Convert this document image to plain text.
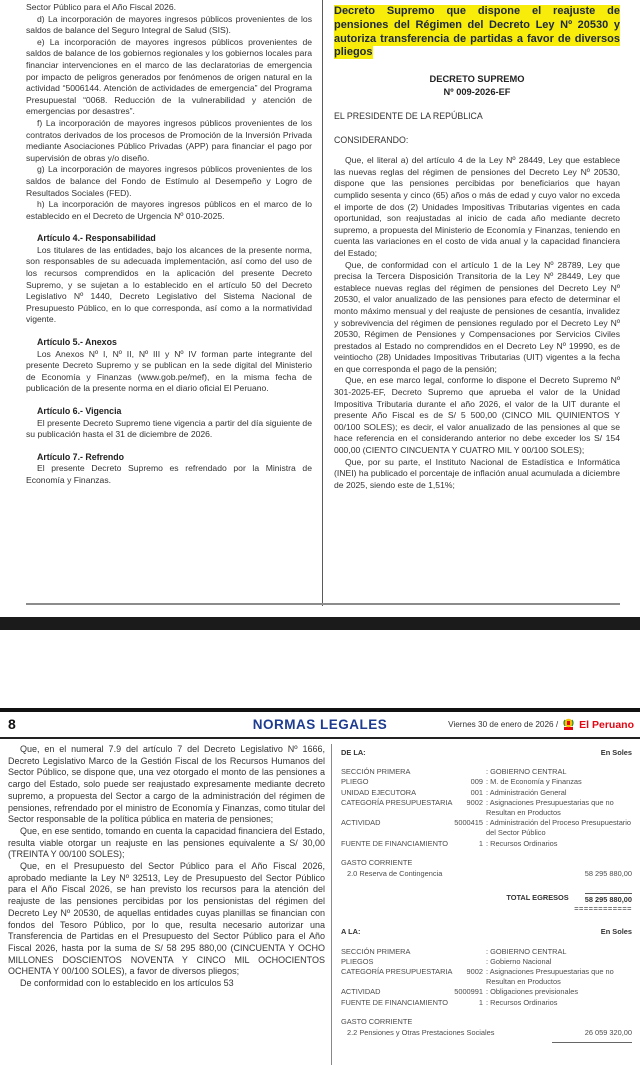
Sector Público para el Año Fiscal 2026.

d) La incorporación de mayores ingresos públicos provenientes de los saldos de balance del Seguro Integral de Salud (SIS).

e) La incorporación de mayores ingresos públicos provenientes de saldos de balance de los gobiernos regionales y los gobiernos locales para financiar intervenciones en el marco de las declaratorias de emergencia por impacto de peligros generados por fenómenos de origen natural en la actividad “5006144. Atención de actividades de emergencia” del Programa Presupuestal “0068. Reducción de la vulnerabilidad y atención de emergencias por desastres”.

f) La incorporación de mayores ingresos públicos provenientes de los contratos derivados de los procesos de Promoción de la Inversión Privada mediante Asociaciones Público Privadas (APP) para financiar el pago por supervisión de obras y/o diseño.

g) La incorporación de mayores ingresos públicos provenientes de los saldos de balance del Fondo de Estímulo al Desempeño y Logro de Resultados Sociales (FED).

h) La incorporación de mayores ingresos públicos en el marco de lo establecido en el Decreto de Urgencia Nº 010-2025.

Artículo 4.- Responsabilidad

Los titulares de las entidades, bajo los alcances de la presente norma, son responsables de su adecuada implementación, así como del uso de los recursos comprendidos en la aplicación del presente Decreto Supremo, y se sujetan a lo establecido en el artículo 50 del Decreto Legislativo Nº 1440, Decreto Legislativo del Sistema Nacional de Presupuesto Público, en lo que corresponda, así como a la normatividad vigente.

Artículo 5.- Anexos

Los Anexos Nº I, Nº II, Nº III y Nº IV forman parte integrante del presente Decreto Supremo y se publican en la sede digital del Ministerio de Economía y Finanzas (www.gob.pe/mef), en la misma fecha de publicación de la presente norma en el diario oficial El Peruano.

Artículo 6.- Vigencia

El presente Decreto Supremo tiene vigencia a partir del día siguiente de su publicación hasta el 31 de diciembre de 2026.

Artículo 7.- Refrendo

El presente Decreto Supremo es refrendado por la Ministra de Economía y Finanzas.

Decreto Supremo que dispone el reajuste de pensiones del Régimen del Decreto Ley Nº 20530 y autoriza transferencia de partidas a favor de diversos pliegos
DECRETO SUPREMO
Nº 009-2026-EF
EL PRESIDENTE DE LA REPÚBLICA
CONSIDERANDO:

Que, el literal a) del artículo 4 de la Ley Nº 28449, Ley que establece las nuevas reglas del régimen de pensiones del Decreto Ley Nº 20530, dispone que las pensiones percibidas por beneficiarios que hayan cumplido sesenta y cinco (65) años o más de edad y cuyo valor no exceda el importe de dos (2) Unidades Impositivas Tributarias vigentes en cada oportunidad, son reajustadas al inicio de cada año mediante decreto supremo, a propuesta del Ministerio de Economía y Finanzas, teniendo en cuenta las variaciones en el costo de vida anual y la capacidad financiera del Estado;

Que, de conformidad con el artículo 1 de la Ley Nº 28789, Ley que precisa la Tercera Disposición Transitoria de la Ley Nº 28449, Ley que establece nuevas reglas del régimen de pensiones del Decreto Ley Nº 20530, el valor anualizado de las pensiones para efecto de determinar el monto máximo mensual y del reajuste de pensiones de cesantía, invalidez y sobrevivencia del régimen de pensiones regulado por el Decreto Ley Nº 20530, Régimen de Pensiones y Compensaciones por Servicios Civiles prestados al Estado no comprendidos en el Decreto Ley Nº 19990, es de veintiocho (28) Unidades Impositivas Tributarias (UIT) vigentes a la fecha en que corresponda el pago de la pensión;

Que, en ese marco legal, conforme lo dispone el Decreto Supremo Nº 301-2025-EF, Decreto Supremo que aprueba el valor de la Unidad Impositiva Tributaria durante el año 2026, el valor de la UIT durante el presente Año Fiscal es de S/ 5 500,00 (CINCO MIL QUINIENTOS Y 00/100 SOLES); es decir, el valor anualizado de las pensiones al que se hace referencia en el considerando anterior no debe exceder los S/ 154 000,00 (CIENTO CINCUENTA Y CUATRO MIL Y 00/100 SOLES);

Que, por su parte, el Instituto Nacional de Estadística e Informática (INEI) ha publicado el porcentaje de inflación anual acumulada a diciembre de 2025, siendo este de 1,51%;

8	NORMAS LEGALES	Viernes 30 de enero de 2026 / El Peruano

Que, en el numeral 7.9 del artículo 7 del Decreto Legislativo Nº 1666, Decreto Legislativo Marco de la Gestión Fiscal de los Recursos Humanos del Sector Público, se dispone que, una vez otorgado el monto de las pensiones a cargo del Estado, solo puede ser reajustado expresamente mediante decreto supremo, a propuesta del Sector a cargo de la administración del régimen de pensiones, refrendado por el ministro de Economía y Finanzas, como titular del Sector responsable de la política pública en materia de pensiones;

Que, en ese sentido, tomando en cuenta la capacidad financiera del Estado, resulta viable otorgar un reajuste en las pensiones equivalente a S/ 30,00 (TREINTA Y 00/100 SOLES);

Que, en el Presupuesto del Sector Público para el Año Fiscal 2026, aprobado mediante la Ley Nº 32513, Ley de Presupuesto del Sector Público para el Año Fiscal 2026, se han previsto los recursos para la atención del reajuste de las pensiones percibidas por los pensionistas del régimen del Decreto Ley Nº 20530, de aquellas entidades cuyas planillas se financian con fondos del Tesoro Público, por lo que, resulta necesario autorizar una Transferencia de Partidas en el Presupuesto del Sector Público para el Año Fiscal 2026, hasta por la suma de S/ 58 295 880,00 (CINCUENTA Y OCHO MILLONES DOSCIENTOS NOVENTA Y CINCO MIL OCHOCIENTOS OCHENTA Y 00/100 SOLES), a favor de diversos pliegos;

De conformidad con lo establecido en los artículos 53

DE LA:	En Soles
SECCIÓN PRIMERA	: GOBIERNO CENTRAL
PLIEGO	009 : M. de Economía y Finanzas
UNIDAD EJECUTORA	001 : Administración General
CATEGORÍA PRESUPUESTARIA	9002 : Asignaciones Presupuestarias que no Resultan en Productos
ACTIVIDAD	5000415 : Administración del Proceso Presupuestario del Sector Público
FUENTE DE FINANCIAMIENTO	1 : Recursos Ordinarios
GASTO CORRIENTE
2.0 Reserva de Contingencia	58 295 880,00
TOTAL EGRESOS 58 295 880,00
============
A LA:	En Soles
SECCIÓN PRIMERA	: GOBIERNO CENTRAL
PLIEGOS	: Gobierno Nacional
CATEGORÍA PRESUPUESTARIA	9002 : Asignaciones Presupuestarias que no Resultan en Productos
ACTIVIDAD	5000991 : Obligaciones previsionales
FUENTE DE FINANCIAMIENTO	1 : Recursos Ordinarios
GASTO CORRIENTE
2.2 Pensiones y Otras Prestaciones Sociales	26 059 320,00
